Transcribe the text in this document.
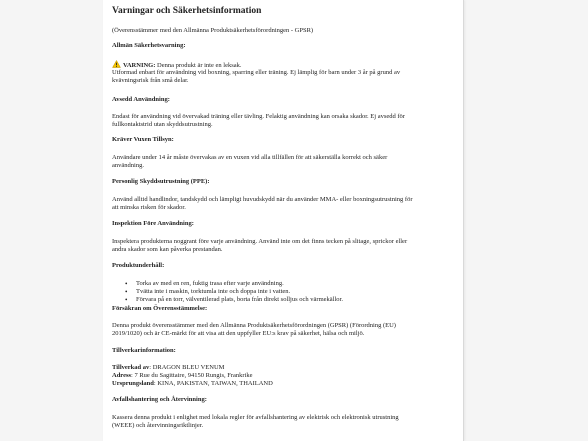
Varningar och Säkerhetsinformation
(Överensstämmer med den Allmänna Produktsäkerhetsförordningen - GPSR)
Allmän Säkerhetsvarning:
VARNING: Denna produkt är inte en leksak.
Utformad enbart för användning vid boxning, sparring eller träning. Ej lämplig för barn under 3 år på grund av
kvävningsrisk från små delar.
Avsedd Användning:
Endast för användning vid övervakad träning eller tävling. Felaktig användning kan orsaka skador. Ej avsedd för
fullkontaktstrid utan skyddsutrustning.
Kräver Vuxen Tillsyn:
Användare under 14 år måste övervakas av en vuxen vid alla tillfällen för att säkerställa korrekt och säker
användning.
Personlig Skyddsutrustning (PPE):
Använd alltid handlindor, tandskydd och lämpligt huvudskydd när du använder MMA- eller boxningsutrustning för
att minska risken för skador.
Inspektion Före Användning:
Inspektera produkterna noggrant före varje användning. Använd inte om det finns tecken på slitage, sprickor eller
andra skador som kan påverka prestandan.
Produktunderhåll:
• Torka av med en ren, fuktig trasa efter varje användning.
• Tvätta inte i maskin, torktumla inte och doppa inte i vatten.
• Förvara på en torr, välventilerad plats, borta från direkt solljus och värmekällor.
Försäkran om Överensstämmelse:
Denna produkt överensstämmer med den Allmänna Produktsäkerhetsförordningen (GPSR) (Förordning (EU)
2019/1020) och är CE-märkt för att visa att den uppfyller EU:s krav på säkerhet, hälsa och miljö.
Tillverkarinformation:
Tillverkad av: DRAGON BLEU VENUM
Adress: 7 Rue du Sagittaire, 94150 Rungis, Frankrike
Ursprungsland: KINA, PAKISTAN, TAIWAN, THAILAND
Avfallshantering och Återvinning:
Kassera denna produkt i enlighet med lokala regler för avfallshantering av elektrisk och elektronisk utrustning
(WEEE) och återvinningsriktlinjer.
